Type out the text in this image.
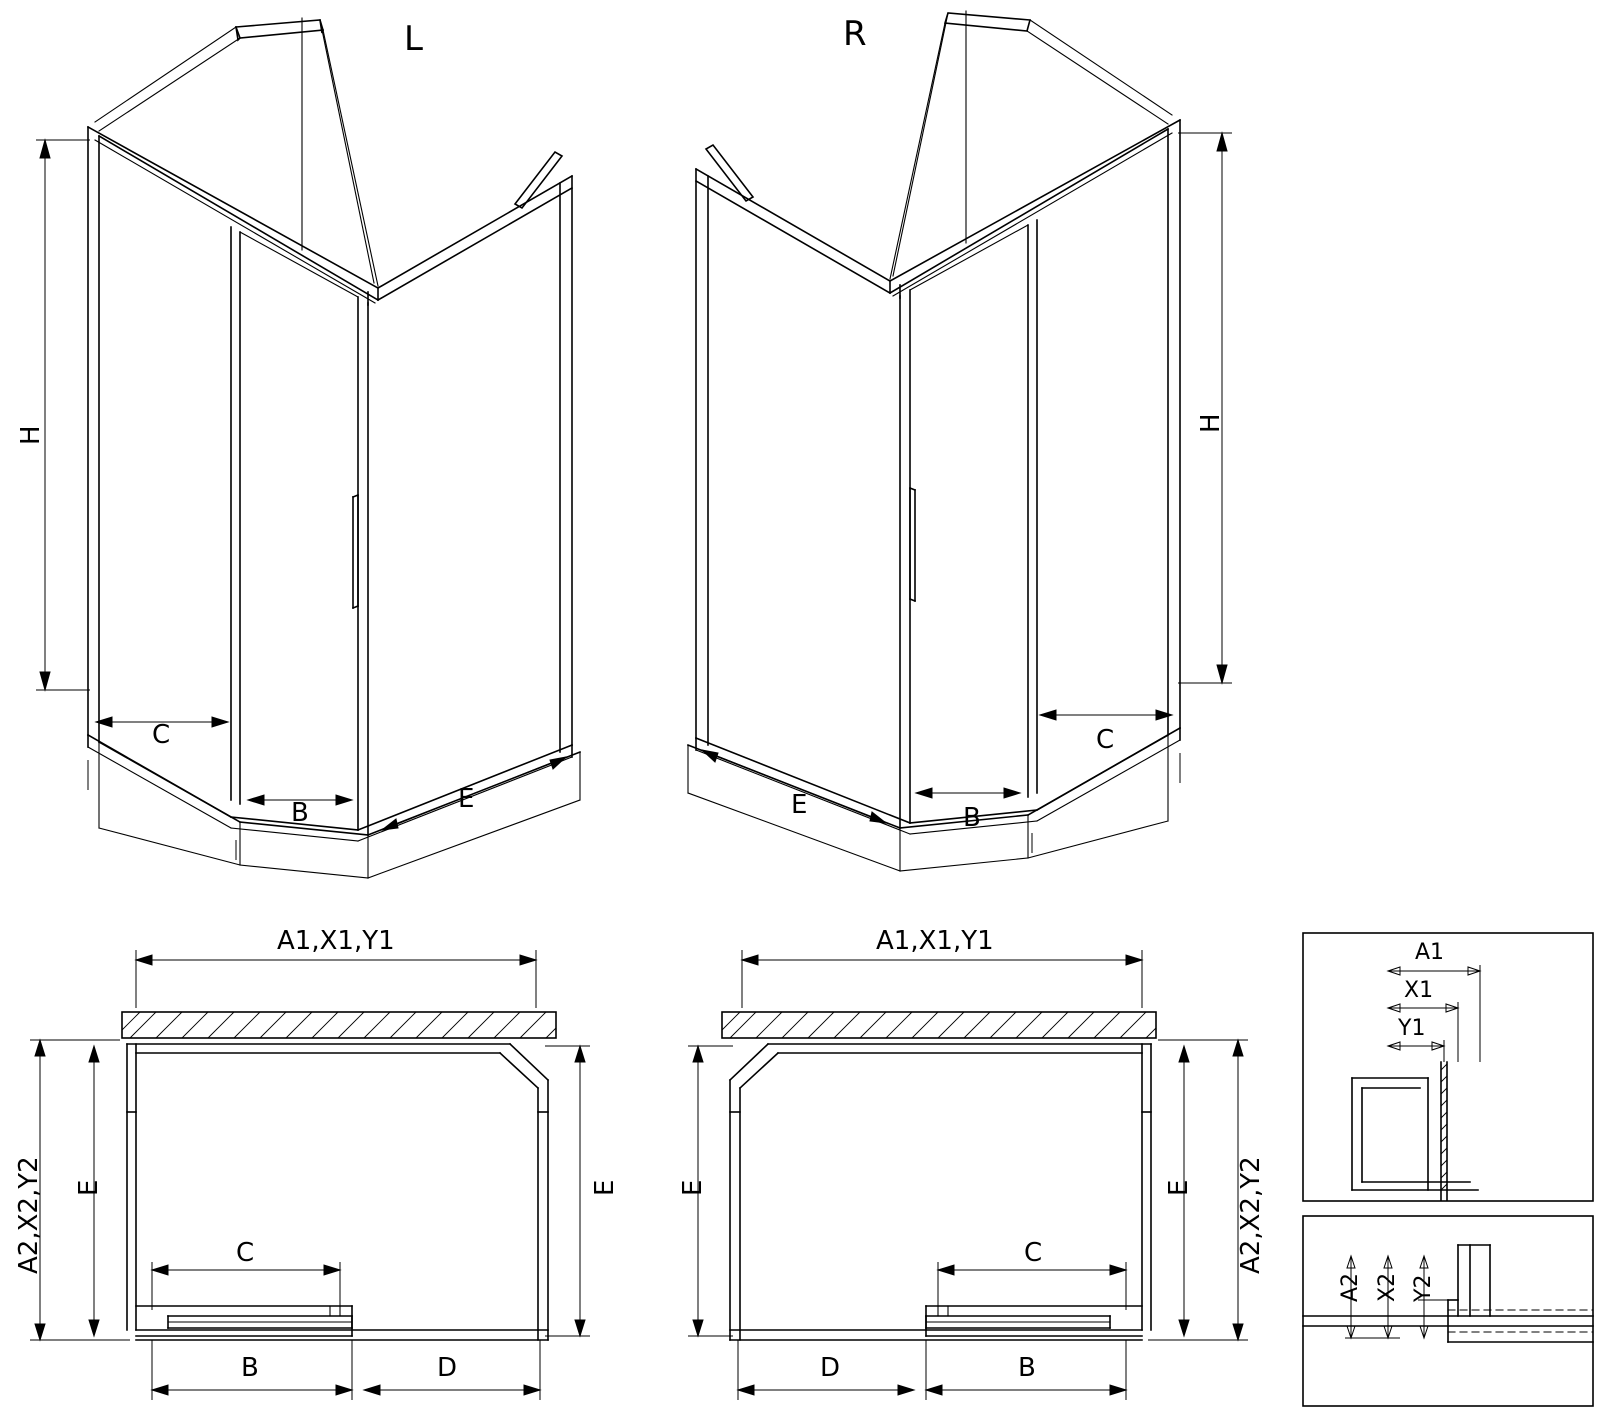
L
H
C
B	E
R
H
C
B
E
A1,X1,Y1
A2,X2,Y2 E	E
C
B	D
A1,X1,Y1
A2,X2,Y2
E
E
C
B
D
A1
X1
Y1
A2 X2 Y2
